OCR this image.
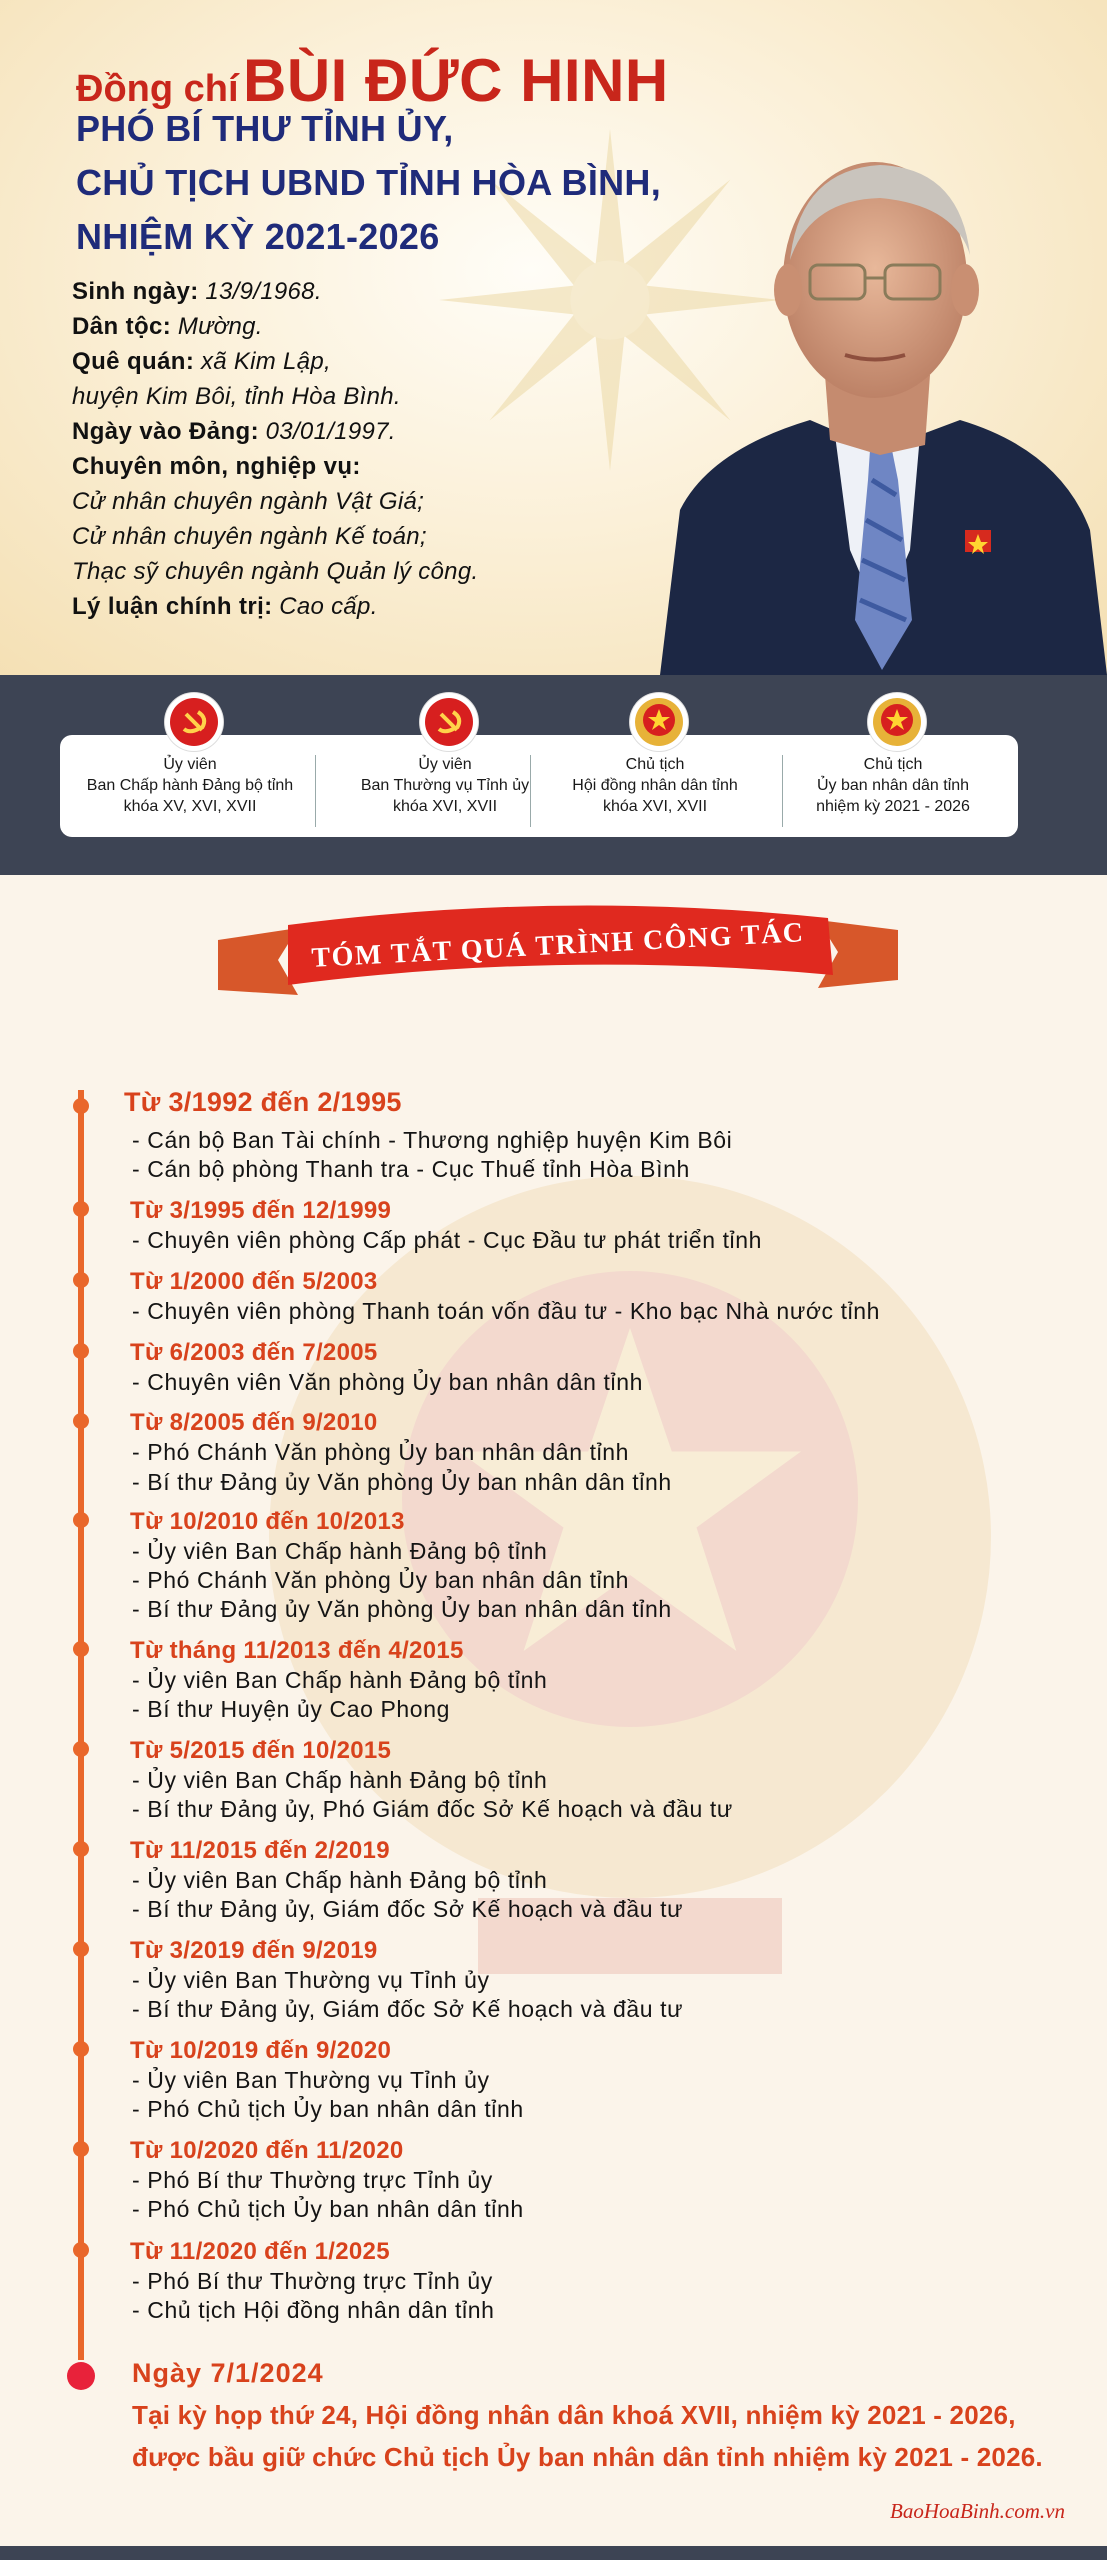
Đồng chí BÙI ĐỨC HINH
PHÓ BÍ THƯ TỈNH ỦY,
CHỦ TỊCH UBND TỈNH HÒA BÌNH,
NHIỆM KỲ 2021-2026
Sinh ngày: 13/9/1968.
Dân tộc: Mường.
Quê quán: xã Kim Lập,
huyện Kim Bôi, tỉnh Hòa Bình.
Ngày vào Đảng: 03/01/1997.
Chuyên môn, nghiệp vụ:
Cử nhân chuyên ngành Vật Giá;
Cử nhân chuyên ngành Kế toán;
Thạc sỹ chuyên ngành Quản lý công.
Lý luận chính trị: Cao cấp.
Ủy viên
Ban Chấp hành Đảng bộ tỉnh
khóa XV, XVI, XVII
Ủy viên
Ban Thường vụ Tỉnh ủy
khóa XVI, XVII
Chủ tịch
Hội đồng nhân dân tỉnh
khóa XVI, XVII
Chủ tịch
Ủy ban nhân dân tỉnh
nhiệm kỳ 2021 - 2026
TÓM TẮT QUÁ TRÌNH CÔNG TÁC
Từ 3/1992 đến 2/1995
- Cán bộ Ban Tài chính - Thương nghiệp huyện Kim Bôi
- Cán bộ phòng Thanh tra - Cục Thuế tỉnh Hòa Bình
Từ 3/1995 đến 12/1999
- Chuyên viên phòng Cấp phát - Cục Đầu tư phát triển tỉnh
Từ 1/2000 đến 5/2003
- Chuyên viên phòng Thanh toán vốn đầu tư - Kho bạc Nhà nước tỉnh
Từ 6/2003 đến 7/2005
- Chuyên viên Văn phòng Ủy ban nhân dân tỉnh
Từ 8/2005 đến 9/2010
- Phó Chánh Văn phòng Ủy ban nhân dân tỉnh
- Bí thư Đảng ủy Văn phòng Ủy ban nhân dân tỉnh
Từ 10/2010 đến 10/2013
- Ủy viên Ban Chấp hành Đảng bộ tỉnh
- Phó Chánh Văn phòng Ủy ban nhân dân tỉnh
- Bí thư Đảng ủy Văn phòng Ủy ban nhân dân tỉnh
Từ tháng 11/2013 đến 4/2015
- Ủy viên Ban Chấp hành Đảng bộ tỉnh
- Bí thư Huyện ủy Cao Phong
Từ 5/2015 đến 10/2015
- Ủy viên Ban Chấp hành Đảng bộ tỉnh
- Bí thư Đảng ủy, Phó Giám đốc Sở Kế hoạch và đầu tư
Từ 11/2015 đến 2/2019
- Ủy viên Ban Chấp hành Đảng bộ tỉnh
- Bí thư Đảng ủy, Giám đốc Sở Kế hoạch và đầu tư
Từ 3/2019 đến 9/2019
- Ủy viên Ban Thường vụ Tỉnh ủy
- Bí thư Đảng ủy, Giám đốc Sở Kế hoạch và đầu tư
Từ 10/2019 đến 9/2020
- Ủy viên Ban Thường vụ Tỉnh ủy
- Phó Chủ tịch Ủy ban nhân dân tỉnh
Từ 10/2020 đến 11/2020
- Phó Bí thư Thường trực Tỉnh ủy
- Phó Chủ tịch Ủy ban nhân dân tỉnh
Từ 11/2020 đến 1/2025
- Phó Bí thư Thường trực Tỉnh ủy
- Chủ tịch Hội đồng nhân dân tỉnh
Ngày 7/1/2024
Tại kỳ họp thứ 24, Hội đồng nhân dân khoá XVII, nhiệm kỳ 2021 - 2026,
được bầu giữ chức Chủ tịch Ủy ban nhân dân tỉnh nhiệm kỳ 2021 - 2026.
BaoHoaBinh.com.vn
